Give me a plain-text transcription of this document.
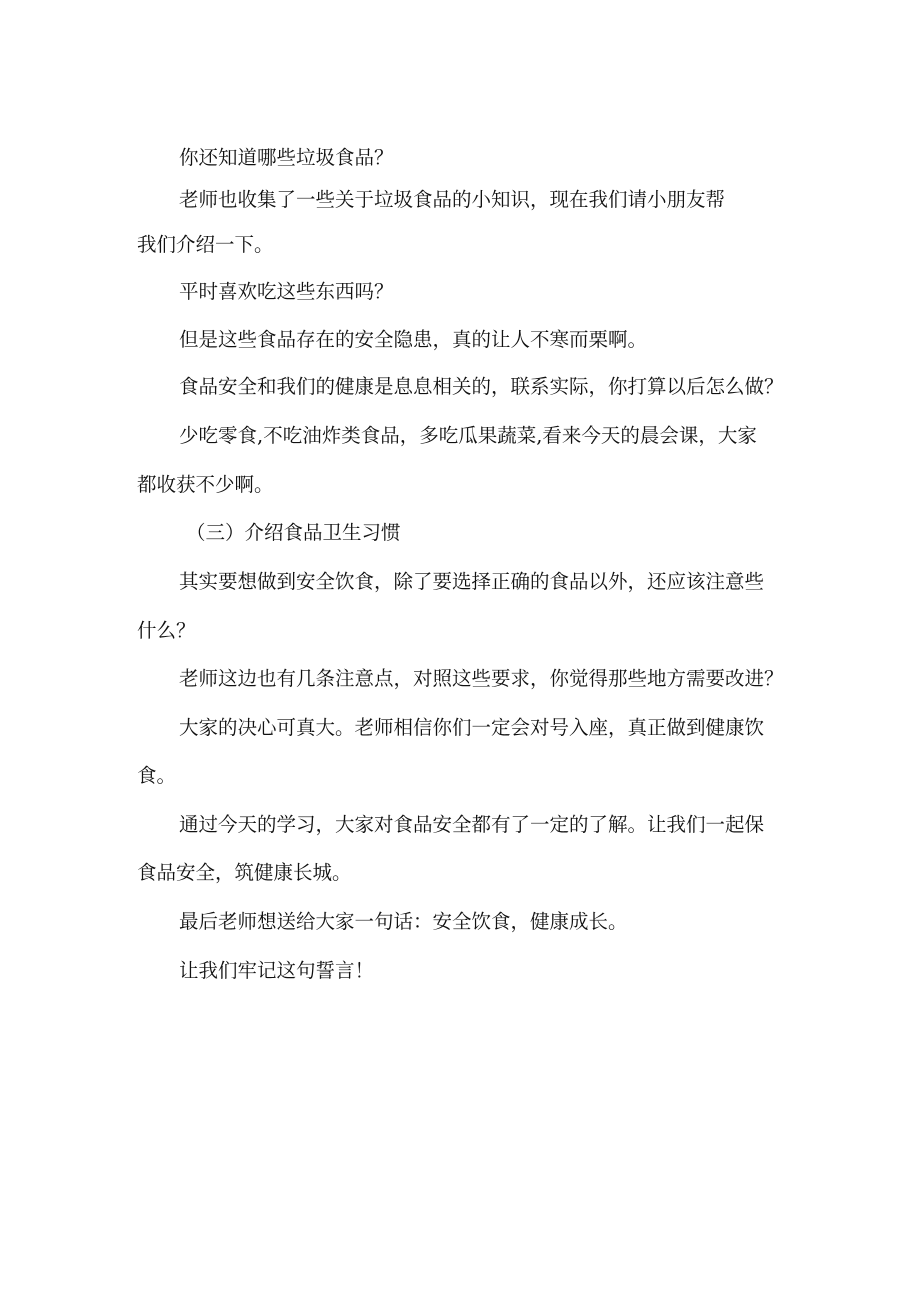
你还知道哪些垃圾食品？

老师也收集了一些关于垃圾食品的小知识，现在我们请小朋友帮

我们介绍一下。

平时喜欢吃这些东西吗？

但是这些食品存在的安全隐患，真的让人不寒而栗啊。

食品安全和我们的健康是息息相关的，联系实际，你打算以后怎么做？

少吃零食,不吃油炸类食品，多吃瓜果蔬菜,看来今天的晨会课，大家

都收获不少啊。

（三）介绍食品卫生习惯

其实要想做到安全饮食，除了要选择正确的食品以外，还应该注意些

什么？

老师这边也有几条注意点，对照这些要求，你觉得那些地方需要改进？

大家的决心可真大。老师相信你们一定会对号入座，真正做到健康饮

食。

通过今天的学习，大家对食品安全都有了一定的了解。让我们一起保

食品安全，筑健康长城。

最后老师想送给大家一句话：安全饮食，健康成长。

让我们牢记这句誓言！
